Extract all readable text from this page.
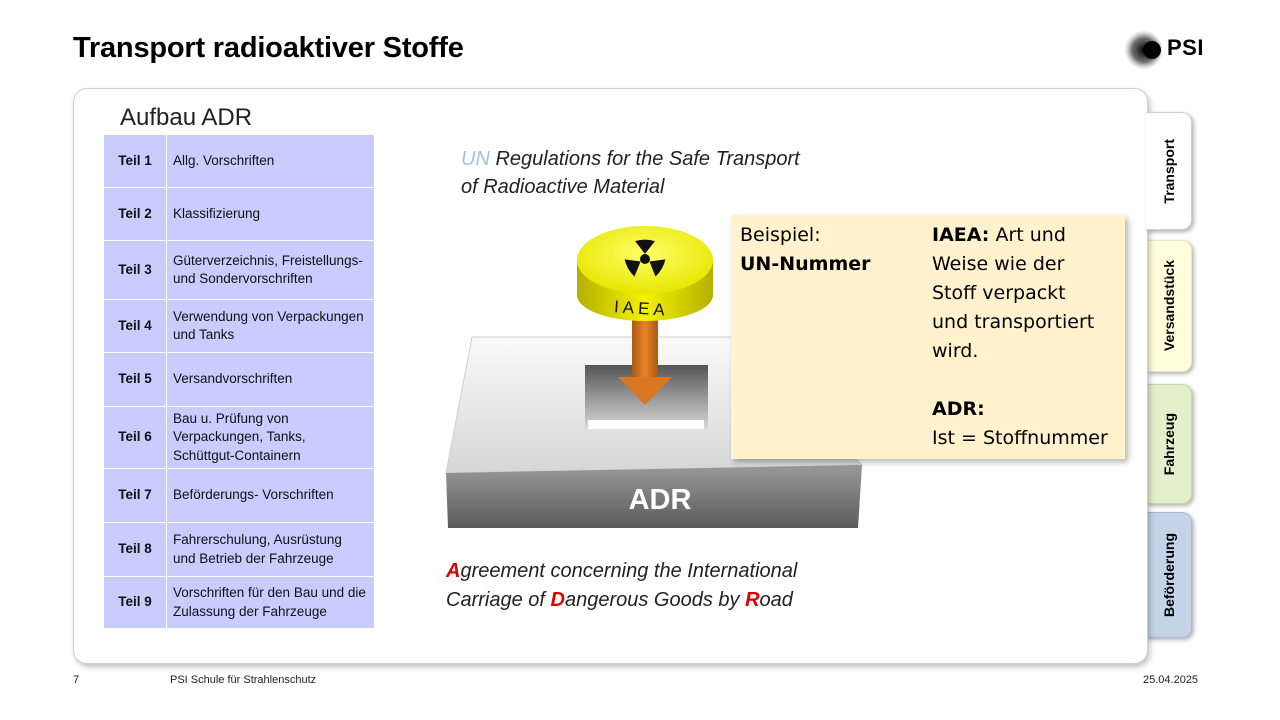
Transport radioaktiver Stoffe	PSI
Transport
Versandstück
Fahrzeug
Beförderung
Aufbau ADR
Teil 1	Allg. Vorschriften
Teil 2	Klassifizierung
Teil 3	Güterverzeichnis, Freistellungs- und Sondervorschriften
Teil 4	Verwendung von Verpackungen und Tanks
Teil 5	Versandvorschriften
Teil 6	Bau u. Prüfung von Verpackungen, Tanks, Schüttgut-Containern
Teil 7	Beförderungs- Vorschriften
Teil 8	Fahrerschulung, Ausrüstung und Betrieb der Fahrzeuge
Teil 9	Vorschriften für den Bau und die Zulassung der Fahrzeuge
UN Regulations for the Safe Transport
of Radioactive Material
ADR
IAEA
Beispiel:
UN-Nummer
IAEA: Art und
Weise wie der
Stoff verpackt
und transportiert
wird.
ADR:
Ist = Stoffnummer
Agreement concerning the International
Carriage of Dangerous Goods by Road
7	PSI Schule für Strahlenschutz	25.04.2025
